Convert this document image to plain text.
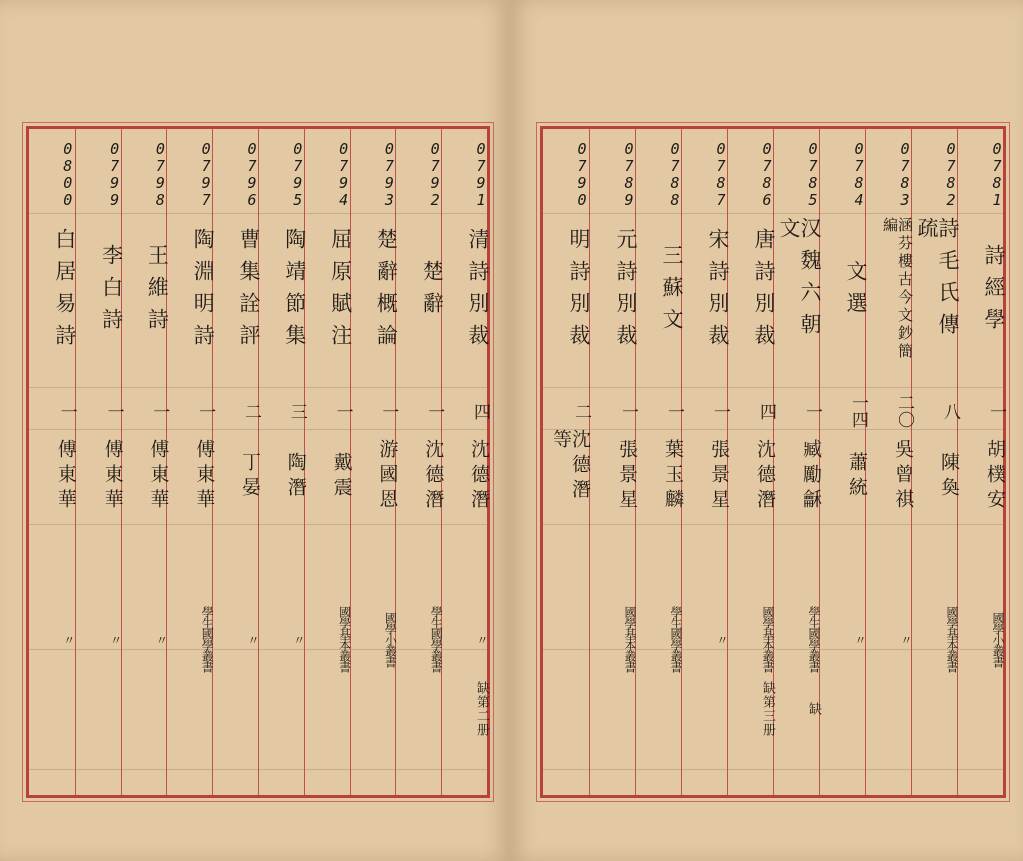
0791
清詩別裁
四
沈德潛
〃
缺第二册
0792
楚辭
一
沈德潛
學生國學叢書
0793
楚辭概論
一
游國恩
國學小叢書
0794
屈原賦注
一
戴震
國學基本叢書
0795
陶靖節集
三
陶潛
〃
0796
曹集詮評
二
丁晏
〃
0797
陶淵明詩
一
傅東華
學生國學叢書
0798
王維詩
一
傅東華
〃
0799
李白詩
一
傅東華
〃
0800
白居易詩
一
傅東華
〃
0781
詩經學
一
胡樸安
國學小叢書
0782
詩毛氏傳疏
八
陳奐
國學基本叢書
0783
涵芬樓古今文鈔簡編
二〇
吳曾祺
〃
0784
文選
一四
蕭統
〃
0785
汉魏六朝文
一
臧勵龢
學生國學叢書
缺
0786
唐詩別裁
四
沈德潛
國學基本叢書
缺第三册
0787
宋詩別裁
一
張景星
〃
0788
三蘇文
一
葉玉麟
學生國學叢書
0789
元詩別裁
一
張景星
國學基本叢書
0790
明詩別裁
二
沈德潛等
